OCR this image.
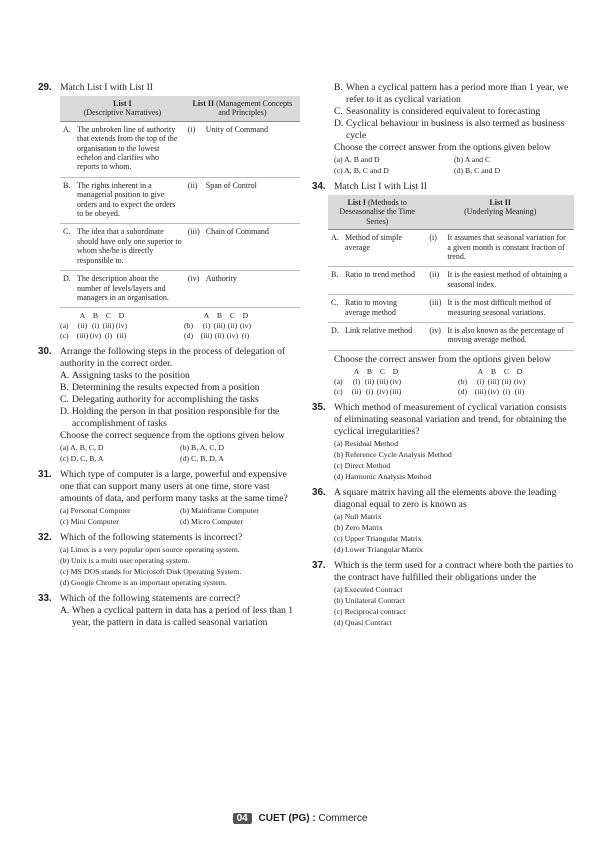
29. Match List I with List II
List I
(Descriptive Narratives)	List II (Management Concepts and Principles)

A. The unbroken line of authority that extends from the top of the organisation to the lowest echelon and clarifies who reports to whom.	(i) Unity of Command

B. The rights inherent in a managerial position to give orders and to expect the orders to be obeyed.	(ii) Span of Control

C. The idea that a subordinate should have only one superior to whom she/he is directly responsible to.	(iii) Chain of Command

D. The description about the number of levels/layers and managers in an organisation.	(iv) Authority
A B C D
(a)	(ii) (i) (iii) (iv)
(c)	(iii) (iv) (i) (ii)
A B C D
(b)	(i) (iii) (ii) (iv)
(d) (iii) (ii) (iv) (i)
30. Arrange the following steps in the process of delegation of authority in the correct order.
A. Assigning tasks to the position
B. Determining the results expected from a position
C. Delegating authority for accomplishing the tasks
D. Holding the person in that position responsible for the accomplishment of tasks
Choose the correct sequence from the options given below
(a) A, B, C, D	(b) B, A, C, D
(c) D, C, B, A	(d) C, B, D, A
31. Which type of computer is a large, powerful and expensive one that can support many users at one time, store vast amounts of data, and perform many tasks at the same time?
(a) Personal Computer	(b) Mainframe Computer
(c) Mini Computer	(d) Micro Computer
32. Which of the following statements is incorrect?
(a) Linux is a very popular open source operating system.
(b) Unix is a multi user operating system.
(c) MS DOS stands for Microsoft Disk Operating System.
(d) Google Chrome is an important operating system.
33. Which of the following statements are correct?
A. When a cyclical pattern in data has a period of less than 1 year, the pattern in data is called seasonal variation
B. When a cyclical pattern has a period more than 1 year, we refer to it as cyclical variation
C. Seasonality is considered equivalent to forecasting
D. Cyclical behaviour in business is also termed as business cycle
Choose the correct answer from the options given below
(a) A, B and D	(b) A and C
(c) A, B, C and D	(d) B, C and D
34. Match List I with List II
List I (Methods to Deseasonalise the Time Series)	List II
(Underlying Meaning)

A. Method of simple average	(i) It assumes that seasonal variation for a given month is constant fraction of trend.

B. Ratio to trend method	(ii) It is the easiest method of obtaining a seasonal index.

C. Ratio to moving average method	(iii) It is the most difficult method of measuring seasonal variations.

D. Link relative method	(iv) It is also known as the percentage of moving average method.
Choose the correct answer from the options given below
A B C D
(a)	(i) (ii) (iii) (iv)
(c)	(ii) (i) (iv) (iii)
A B C D
(b)	(i) (iii) (ii) (iv)
(d) (iii) (iv) (i) (ii)
35. Which method of measurement of cyclical variation consists of eliminating seasonal variation and trend, for obtaining the cyclical irregularities?
(a) Residual Method
(b) Reference Cycle Analysis Method
(c) Direct Method
(d) Harmonic Analysis Method
36. A square matrix having all the elements above the leading diagonal equal to zero is known as
(a) Null Matrix
(b) Zero Matrix
(c) Upper Triangular Matrix
(d) Lower Triangular Matrix
37. Which is the term used for a contract where both the parties to the contract have fulfilled their obligations under the
(a) Executed Contract
(b) Unilateral Contract
(c) Reciprocal contract
(d) Quasi Contract
04 CUET (PG) : Commerce
